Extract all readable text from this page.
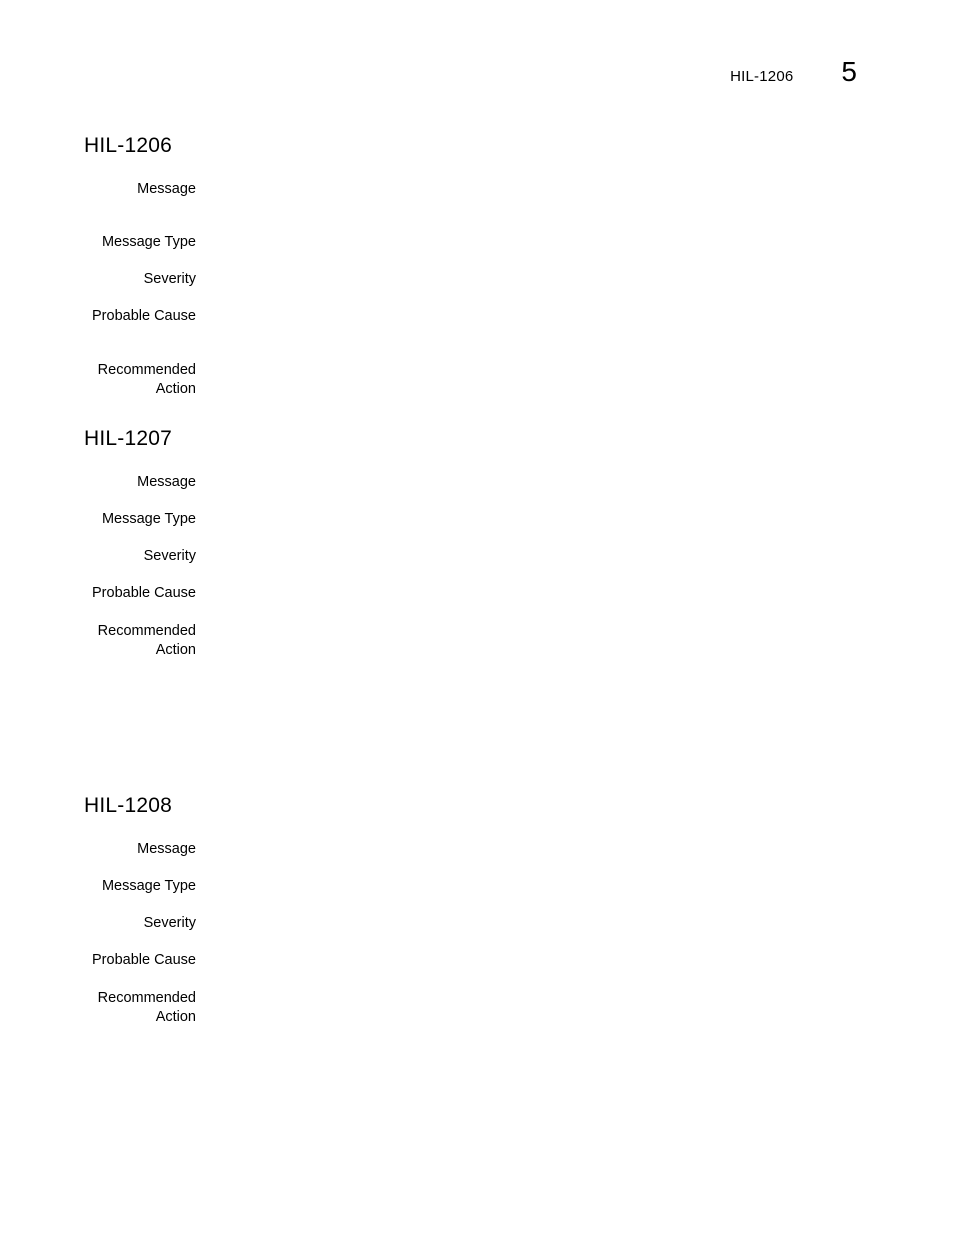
HIL-1206 5
HIL-1206
Message
Message Type
Severity
Probable Cause
Recommended
Action
HIL-1207
Message
Message Type
Severity
Probable Cause
Recommended
Action
HIL-1208
Message
Message Type
Severity
Probable Cause
Recommended
Action
